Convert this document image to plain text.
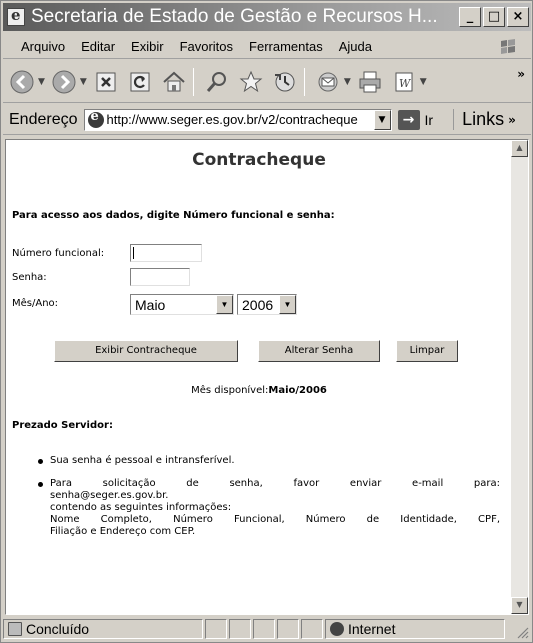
e
Secretaria de Estado de Gestão e Recursos H...	_	□ ×
Arquivo	Editar	Exibir	Favoritos	Ferramentas	Ajuda
▼	▼	▼	W ▼
»
Endereço e http://www.seger.es.gov.br/v2/contracheque	▼	→ Ir	Links »
Contracheque
Para acesso aos dados, digite Número funcional e senha:
Número funcional:
Senha:
Mês/Ano:	Maio	▼ 2006	▼
Exibir Contracheque	Alterar Senha	Limpar
Mês disponível:Maio/2006
Prezado Servidor:
Sua senha é pessoal e intransferível.
Para solicitação de senha, favor enviar e-mail para:
senha@seger.es.gov.br.
contendo as seguintes informações:
Nome Completo, Número Funcional, Número de Identidade, CPF,
Filiação e Endereço com CEP.
▲
▼
Concluído	Internet
